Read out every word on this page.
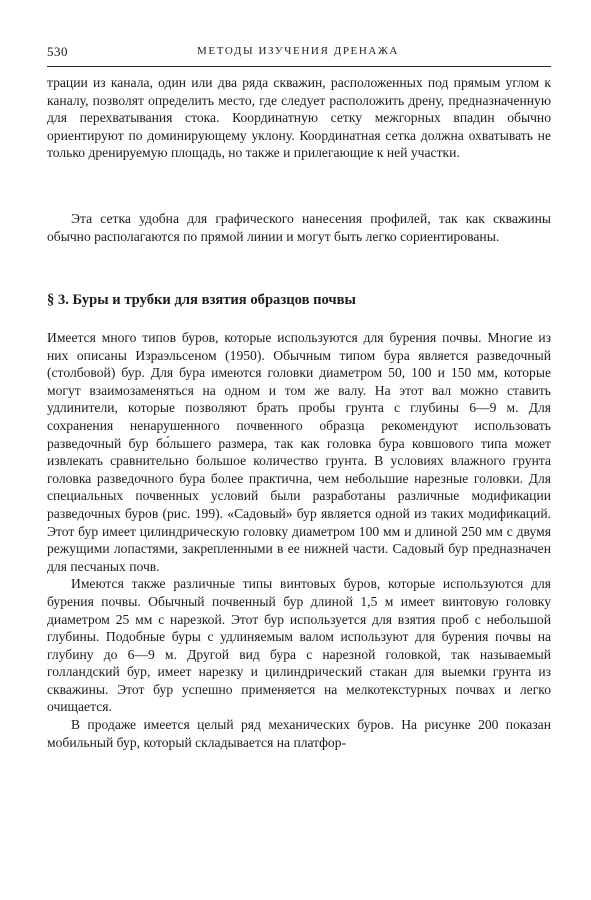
530	МЕТОДЫ ИЗУЧЕНИЯ ДРЕНАЖА

трации из канала, один или два ряда скважин, расположенных под прямым углом к каналу, позволят определить место, где следует расположить дрену, предназначенную для перехватывания стока. Координатную сетку межгорных впадин обычно ориентируют по доминирующему уклону. Координатная сетка должна охватывать не только дренируемую площадь, но также и прилегающие к ней участки.

Эта сетка удобна для графического нанесения профилей, так как скважины обычно располагаются по прямой линии и могут быть легко сориентированы.

§ 3. Буры и трубки для взятия образцов почвы

Имеется много типов буров, которые используются для бурения почвы. Многие из них описаны Израэльсеном (1950). Обычным типом бура является разведочный (столбовой) бур. Для бура имеются головки диаметром 50, 100 и 150 мм, которые могут взаимозаменяться на одном и том же валу. На этот вал можно ставить удлинители, которые позволяют брать пробы грунта с глубины 6—9 м. Для сохранения ненарушенного почвенного образца рекомендуют использовать разведочный бур бо́льшего размера, так как головка бура ковшового типа может извлекать сравнительно большое количество грунта. В условиях влажного грунта головка разведочного бура более практична, чем небольшие нарезные головки. Для специальных почвенных условий были разработаны различные модификации разведочных буров (рис. 199). «Садовый» бур является одной из таких модификаций. Этот бур имеет цилиндрическую головку диаметром 100 мм и длиной 250 мм с двумя режущими лопастями, закрепленными в ее нижней части. Садовый бур предназначен для песчаных почв.

Имеются также различные типы винтовых буров, которые используются для бурения почвы. Обычный почвенный бур длиной 1,5 м имеет винтовую головку диаметром 25 мм с нарезкой. Этот бур используется для взятия проб с небольшой глубины. Подобные буры с удлиняемым валом используют для бурения почвы на глубину до 6—9 м. Другой вид бура с нарезной головкой, так называемый голландский бур, имеет нарезку и цилиндрический стакан для выемки грунта из скважины. Этот бур успешно применяется на мелкотекстурных почвах и легко очищается.

В продаже имеется целый ряд механических буров. На рисунке 200 показан мобильный бур, который складывается на платфор-
